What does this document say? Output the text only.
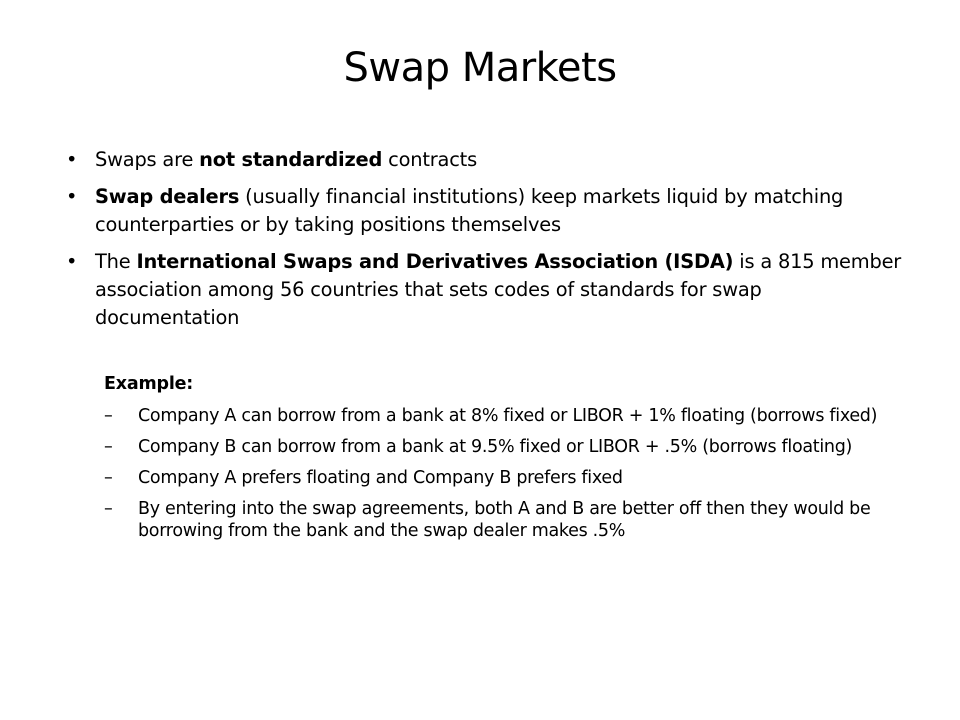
Swap Markets
• Swaps are not standardized contracts
• Swap dealers (usually financial institutions) keep markets liquid by matching counterparties or by taking positions themselves
• The International Swaps and Derivatives Association (ISDA) is a 815 member association among 56 countries that sets codes of standards for swap documentation
Example:
– Company A can borrow from a bank at 8% fixed or LIBOR + 1% floating (borrows fixed)
– Company B can borrow from a bank at 9.5% fixed or LIBOR + .5% (borrows floating)
– Company A prefers floating and Company B prefers fixed
– By entering into the swap agreements, both A and B are better off then they would be borrowing from the bank and the swap dealer makes .5%
